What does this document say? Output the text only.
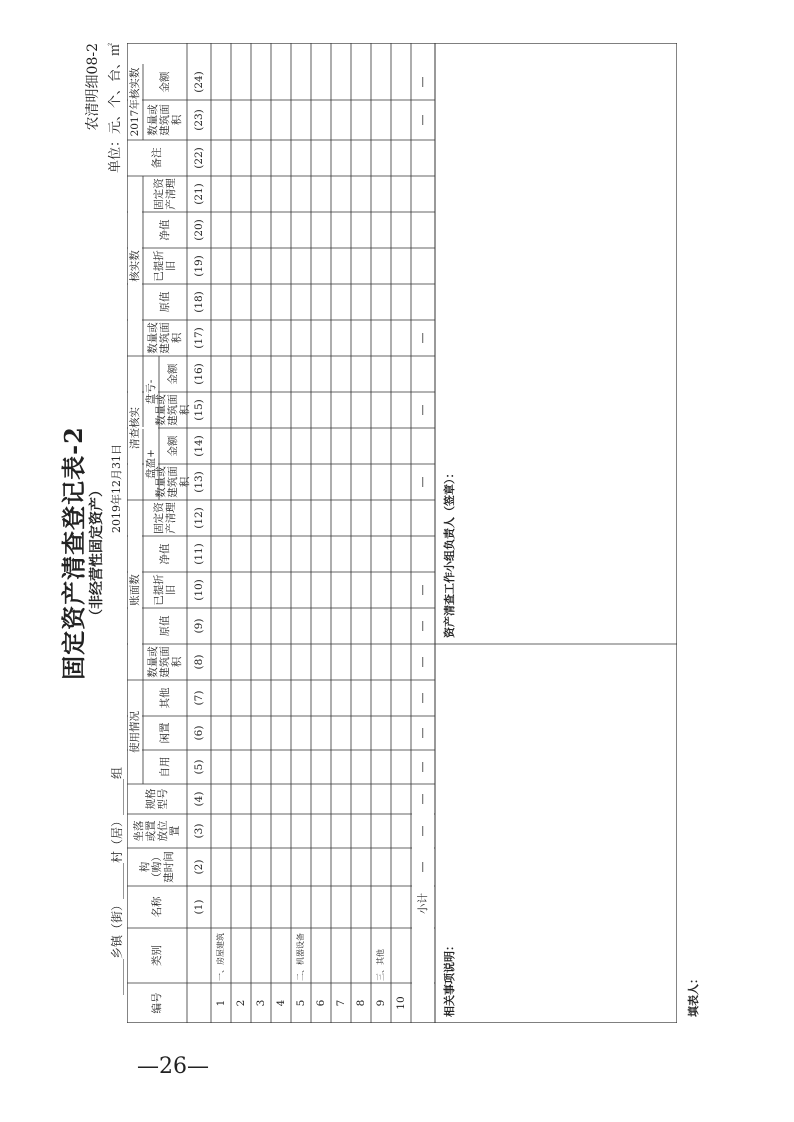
—26—
固定资产清查登记表-2 （非经营性固定资产）
农清明细08-2 单位：元、个、台、㎡
2019年12月31日
______乡镇（街）______村（居）______组
使用情况
账面数
清查核实
盘盈+
盘亏-
核实数
2017年核实数
编号
类别
名称
构（购）建时间
坐落或置放位置
规格型号
自用
闲置
其他
数量或建筑面积
原值
已提折旧
净值
固定资产清理
数量或建筑面积
金额
数量或建筑面积
金额
数量或建筑面积
原值
已提折旧
净值
固定资产清理
备注
数量或建筑面积
金额
(1)
(2)
(3)
(4)
(5)
(6)
(7)
(8)
(9)
(10)
(11)
(12)
(13)
(14)
(15)
(16)
(17)
(18)
(19)
(20)
(21)
(22)
(23)
(24)
1
一、房屋建筑
2 3 4 5
二、机器设备
6 7 8 9
三、其他
10
小计
—
—
—
—
—
—
—
—
—
—
—
—
—
—
相关事项说明：
资产清查工作小组负责人（签章）：
填表人：
